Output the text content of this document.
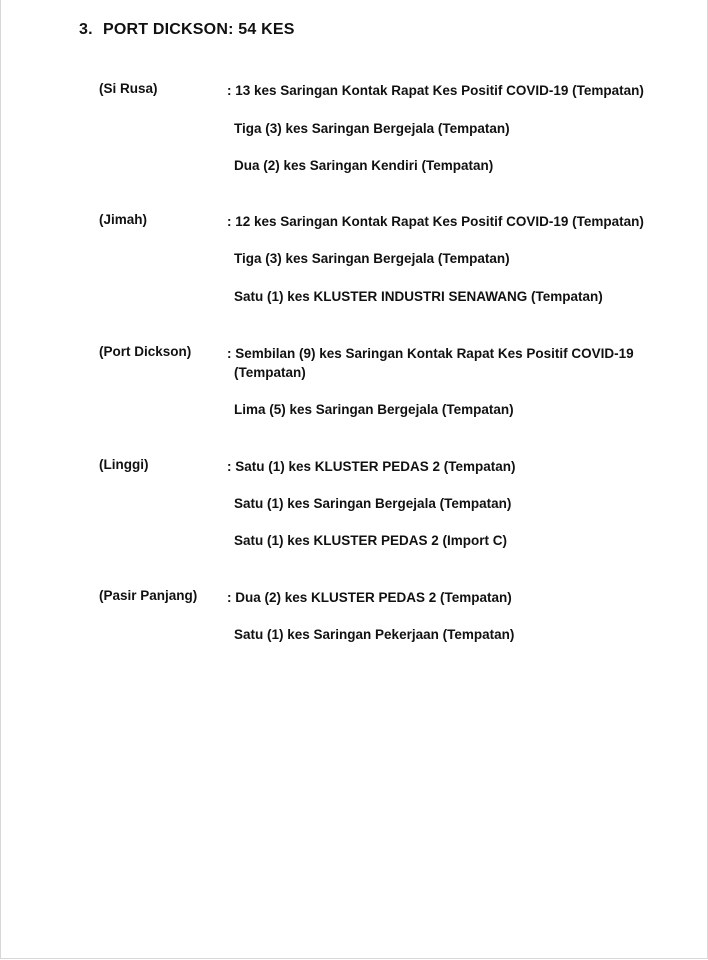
3. PORT DICKSON: 54 KES
(Si Rusa)	: 13 kes Saringan Kontak Rapat Kes Positif COVID-19 (Tempatan)
Tiga (3) kes Saringan Bergejala (Tempatan)
Dua (2) kes Saringan Kendiri (Tempatan)
(Jimah)	: 12 kes Saringan Kontak Rapat Kes Positif COVID-19 (Tempatan)
Tiga (3) kes Saringan Bergejala (Tempatan)
Satu (1) kes KLUSTER INDUSTRI SENAWANG (Tempatan)
(Port Dickson)	: Sembilan (9) kes Saringan Kontak Rapat Kes Positif COVID-19 (Tempatan)
Lima (5) kes Saringan Bergejala (Tempatan)
(Linggi)	: Satu (1) kes KLUSTER PEDAS 2 (Tempatan)
Satu (1) kes Saringan Bergejala (Tempatan)
Satu (1) kes KLUSTER PEDAS 2 (Import C)
(Pasir Panjang) : Dua (2) kes KLUSTER PEDAS 2 (Tempatan)
Satu (1) kes Saringan Pekerjaan (Tempatan)
